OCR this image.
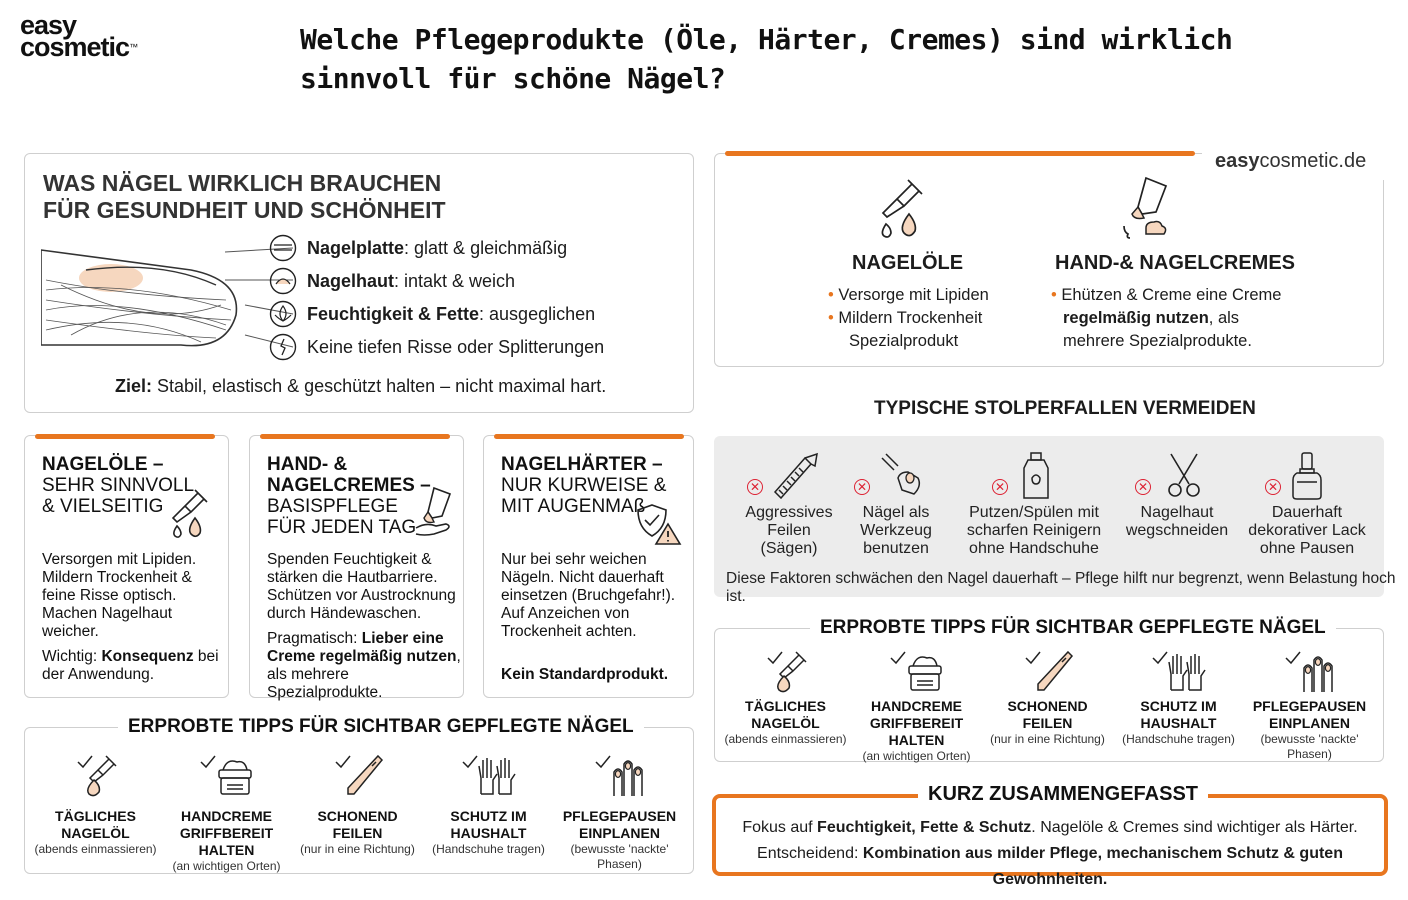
easy
cosmetic™	Welche Pflegeprodukte (Öle, Härter, Cremes) sind wirklich
sinnvoll für schöne Nägel?
WAS NÄGEL WIRKLICH BRAUCHEN
FÜR GESUNDHEIT UND SCHÖNHEIT
Nagelplatte: glatt & gleichmäßig
Nagelhaut: intakt & weich
Feuchtigkeit & Fette: ausgeglichen
Keine tiefen Risse oder Splitterungen
Ziel: Stabil, elastisch & geschützt halten – nicht maximal hart.
NAGELÖLE –
SEHR SINNVOLL
& VIELSEITIG
Versorgen mit Lipiden.
Mildern Trockenheit &
feine Risse optisch.
Machen Nagelhaut
weicher.
Wichtig: Konsequenz bei
der Anwendung.
HAND- &
NAGELCREMES –
BASISPFLEGE
FÜR JEDEN TAG
Spenden Feuchtigkeit &
stärken die Hautbarriere.
Schützen vor Austrocknung
durch Händewaschen.
Pragmatisch: Lieber eine
Creme regelmäßig nutzen,
als mehrere Spezialprodukte.
NAGELHÄRTER –
NUR KURWEISE &
MIT AUGENMAß
Nur bei sehr weichen
Nägeln. Nicht dauerhaft
einsetzen (Bruchgefahr!).
Auf Anzeichen von
Trockenheit achten.
Kein Standardprodukt.
ERPROBTE TIPPS FÜR SICHTBAR GEPFLEGTE NÄGEL
TÄGLICHES
NAGELÖL
(abends einmassieren)
HANDCREME
GRIFFBEREIT HALTEN
(an wichtigen Orten)
SCHONEND
FEILEN
(nur in eine Richtung)
SCHUTZ IM
HAUSHALT
(Handschuhe tragen)
PFLEGEPAUSEN
EINPLANEN
(bewusste 'nackte' Phasen)
easycosmetic.de
NAGELÖLE
• Versorge mit Lipiden
• Mildern Trockenheit
Spezialprodukt
HAND-& NAGELCREMES
• Ehützen & Creme eine Creme
regelmäßig nutzen, als
mehrere Spezialprodukte.
TYPISCHE STOLPERFALLEN VERMEIDEN
✕
Aggressives
Feilen
(Sägen)
✕
Nägel als
Werkzeug
benutzen
✕
Putzen/Spülen mit
scharfen Reinigern
ohne Handschuhe
✕
Nagelhaut
wegschneiden
✕
Dauerhaft
dekorativer Lack
ohne Pausen
Diese Faktoren schwächen den Nagel dauerhaft – Pflege hilft nur begrenzt, wenn Belastung hoch ist.
ERPROBTE TIPPS FÜR SICHTBAR GEPFLEGTE NÄGEL
TÄGLICHES
NAGELÖL
(abends einmassieren)
HANDCREME
GRIFFBEREIT HALTEN
(an wichtigen Orten)
SCHONEND
FEILEN
(nur in eine Richtung)
SCHUTZ IM
HAUSHALT
(Handschuhe tragen)
PFLEGEPAUSEN
EINPLANEN
(bewusste 'nackte' Phasen)
KURZ ZUSAMMENGEFASST
Fokus auf Feuchtigkeit, Fette & Schutz. Nagelöle & Cremes sind wichtiger als Härter.
Entscheidend: Kombination aus milder Pflege, mechanischem Schutz & guten Gewohnheiten.
